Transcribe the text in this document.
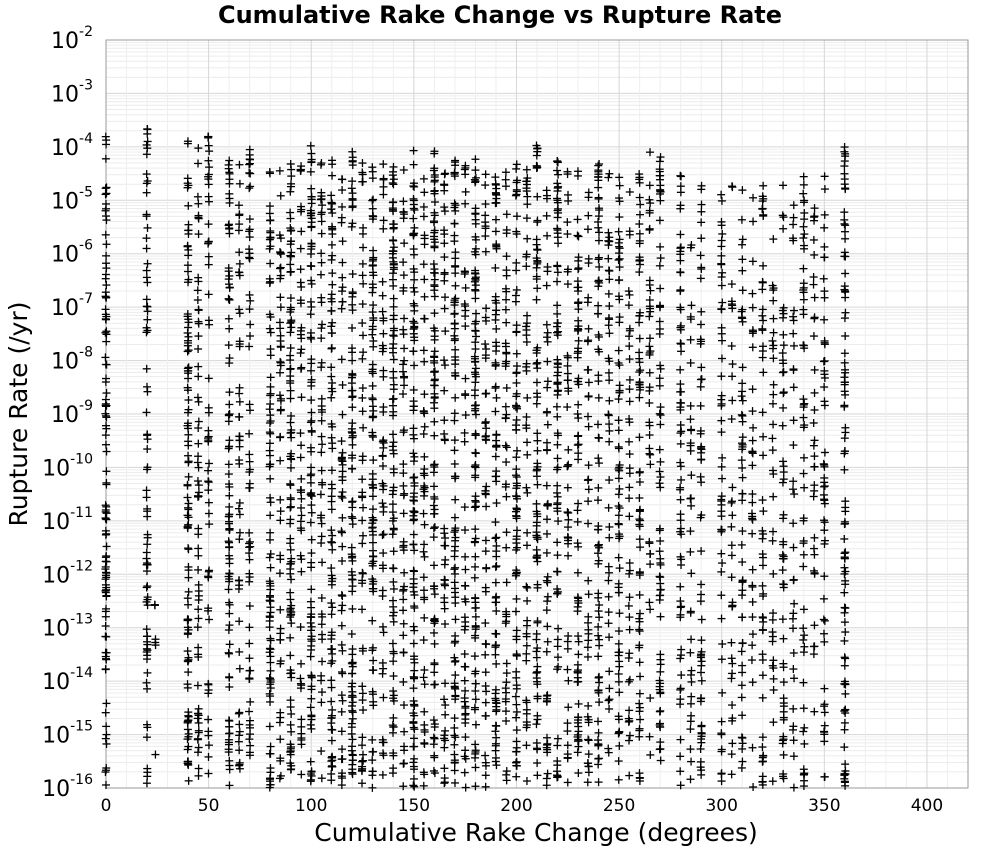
10-2
10-3
10-4
10-5
10-6
10-7
10-8
10-9
10-10
10-11
10-12
10-13
10-14
10-15
10-16
0	50	100	150	200	250	300	350	400
Cumulative Rake Change vs Rupture Rate
Cumulative Rake Change (degrees)
Rupture Rate (/yr)
